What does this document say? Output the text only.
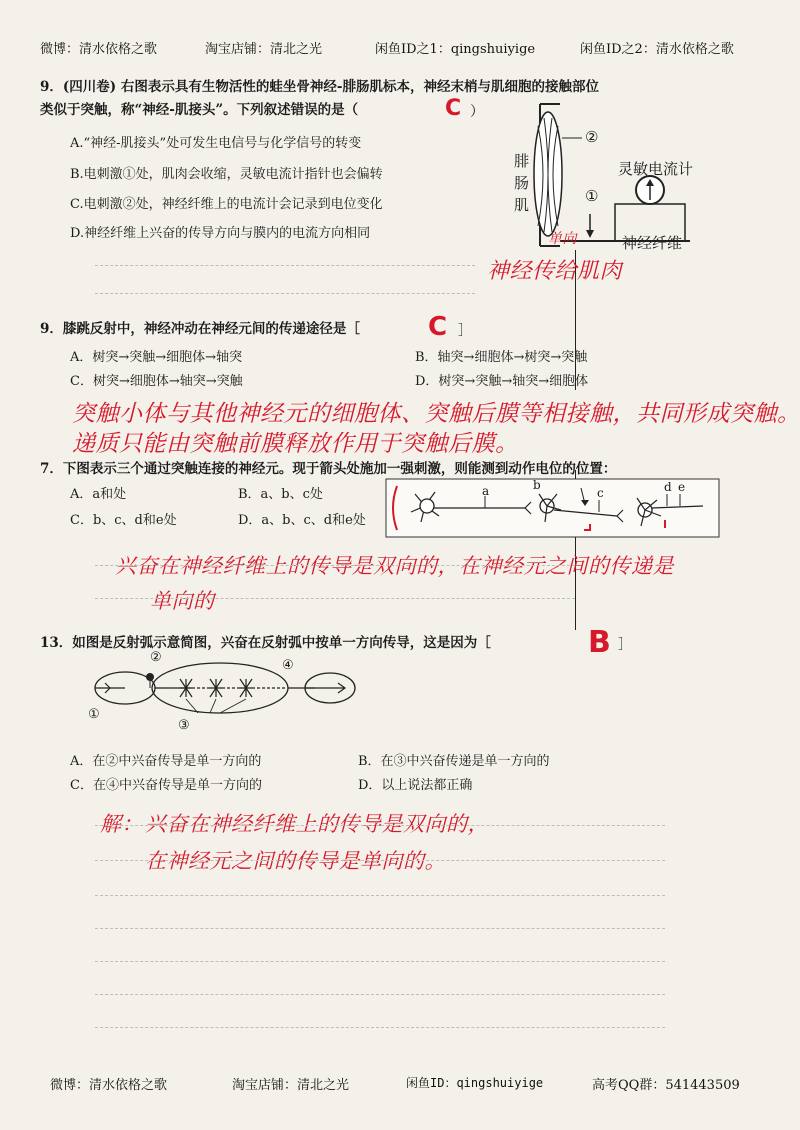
微博：清水依格之歌	淘宝店铺：清北之光	闲鱼ID之1：qingshuiyige	闲鱼ID之2：清水依格之歌
9．(四川卷) 右图表示具有生物活性的蛙坐骨神经-腓肠肌标本，神经末梢与肌细胞的接触部位
类似于突触，称“神经-肌接头”。下列叙述错误的是（	C ）
A.“神经-肌接头”处可发生电信号与化学信号的转变
B.电刺激①处，肌肉会收缩，灵敏电流计指针也会偏转
C.电刺激②处，神经纤维上的电流计会记录到电位变化
D.神经纤维上兴奋的传导方向与膜内的电流方向相同
②
①
灵敏电流计
神经纤维
腓肠肌
单向
神经传给肌肉
9．膝跳反射中，神经冲动在神经元间的传递途径是［	C ］
A．树突→突触→细胞体→轴突	B．轴突→细胞体→树突→突触
C．树突→细胞体→轴突→突触	D．树突→突触→轴突→细胞体
突触小体与其他神经元的细胞体、突触后膜等相接触，共同形成突触。
递质只能由突触前膜释放作用于突触后膜。
7．下图表示三个通过突触连接的神经元。现于箭头处施加一强刺激，则能测到动作电位的位置：
A．a和处	B．a、b、c处
C．b、c、d和e处	D．a、b、c、d和e处
a	b
c	d e
兴奋在神经纤维上的传导是双向的，在神经元之间的传递是
单向的
13．如图是反射弧示意简图，兴奋在反射弧中按单一方向传导，这是因为［	B ］
②
①
③
④
A．在②中兴奋传导是单一方向的	B．在③中兴奋传递是单一方向的
C．在④中兴奋传导是单一方向的	D．以上说法都正确
解： 兴奋在神经纤维上的传导是双向的，
在神经元之间的传导是单向的。
微博：清水依格之歌	淘宝店铺：清北之光	闲鱼ID：qingshuiyige	高考QQ群：541443509
